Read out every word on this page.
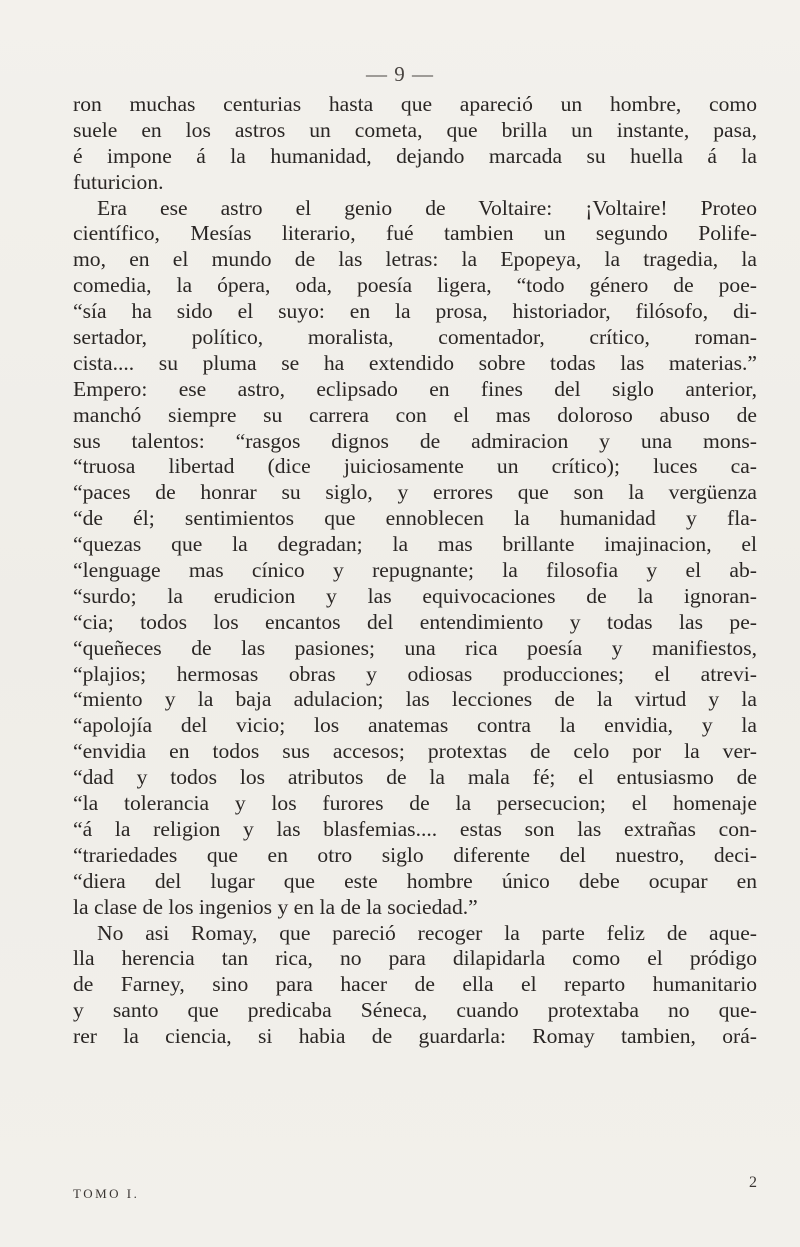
— 9 —

ron muchas centurias hasta que apareció un hombre, como
suele en los astros un cometa, que brilla un instante, pasa,
é impone á la humanidad, dejando marcada su huella á la
futuricion.
Era ese astro el genio de Voltaire: ¡Voltaire! Proteo
científico, Mesías literario, fué tambien un segundo Polife-
mo, en el mundo de las letras: la Epopeya, la tragedia, la
comedia, la ópera, oda, poesía ligera, “todo género de poe-
“sía ha sido el suyo: en la prosa, historiador, filósofo, di-
sertador, político, moralista, comentador, crítico, roman-
cista.... su pluma se ha extendido sobre todas las materias.”
Empero: ese astro, eclipsado en fines del siglo anterior,
manchó siempre su carrera con el mas doloroso abuso de
sus talentos: “rasgos dignos de admiracion y una mons-
“truosa libertad (dice juiciosamente un crítico); luces ca-
“paces de honrar su siglo, y errores que son la vergüenza
“de él; sentimientos que ennoblecen la humanidad y fla-
“quezas que la degradan; la mas brillante imajinacion, el
“lenguage mas cínico y repugnante; la filosofia y el ab-
“surdo; la erudicion y las equivocaciones de la ignoran-
“cia; todos los encantos del entendimiento y todas las pe-
“queñeces de las pasiones; una rica poesía y manifiestos,
“plajios; hermosas obras y odiosas producciones; el atrevi-
“miento y la baja adulacion; las lecciones de la virtud y la
“apolojía del vicio; los anatemas contra la envidia, y la
“envidia en todos sus accesos; protextas de celo por la ver-
“dad y todos los atributos de la mala fé; el entusiasmo de
“la tolerancia y los furores de la persecucion; el homenaje
“á la religion y las blasfemias.... estas son las extrañas con-
“trariedades que en otro siglo diferente del nuestro, deci-
“diera del lugar que este hombre único debe ocupar en
la clase de los ingenios y en la de la sociedad.”
No asi Romay, que pareció recoger la parte feliz de aque-
lla herencia tan rica, no para dilapidarla como el pródigo
de Farney, sino para hacer de ella el reparto humanitario
y santo que predicaba Séneca, cuando protextaba no que-
rer la ciencia, si habia de guardarla: Romay tambien, orá-
TOMO I.
2
